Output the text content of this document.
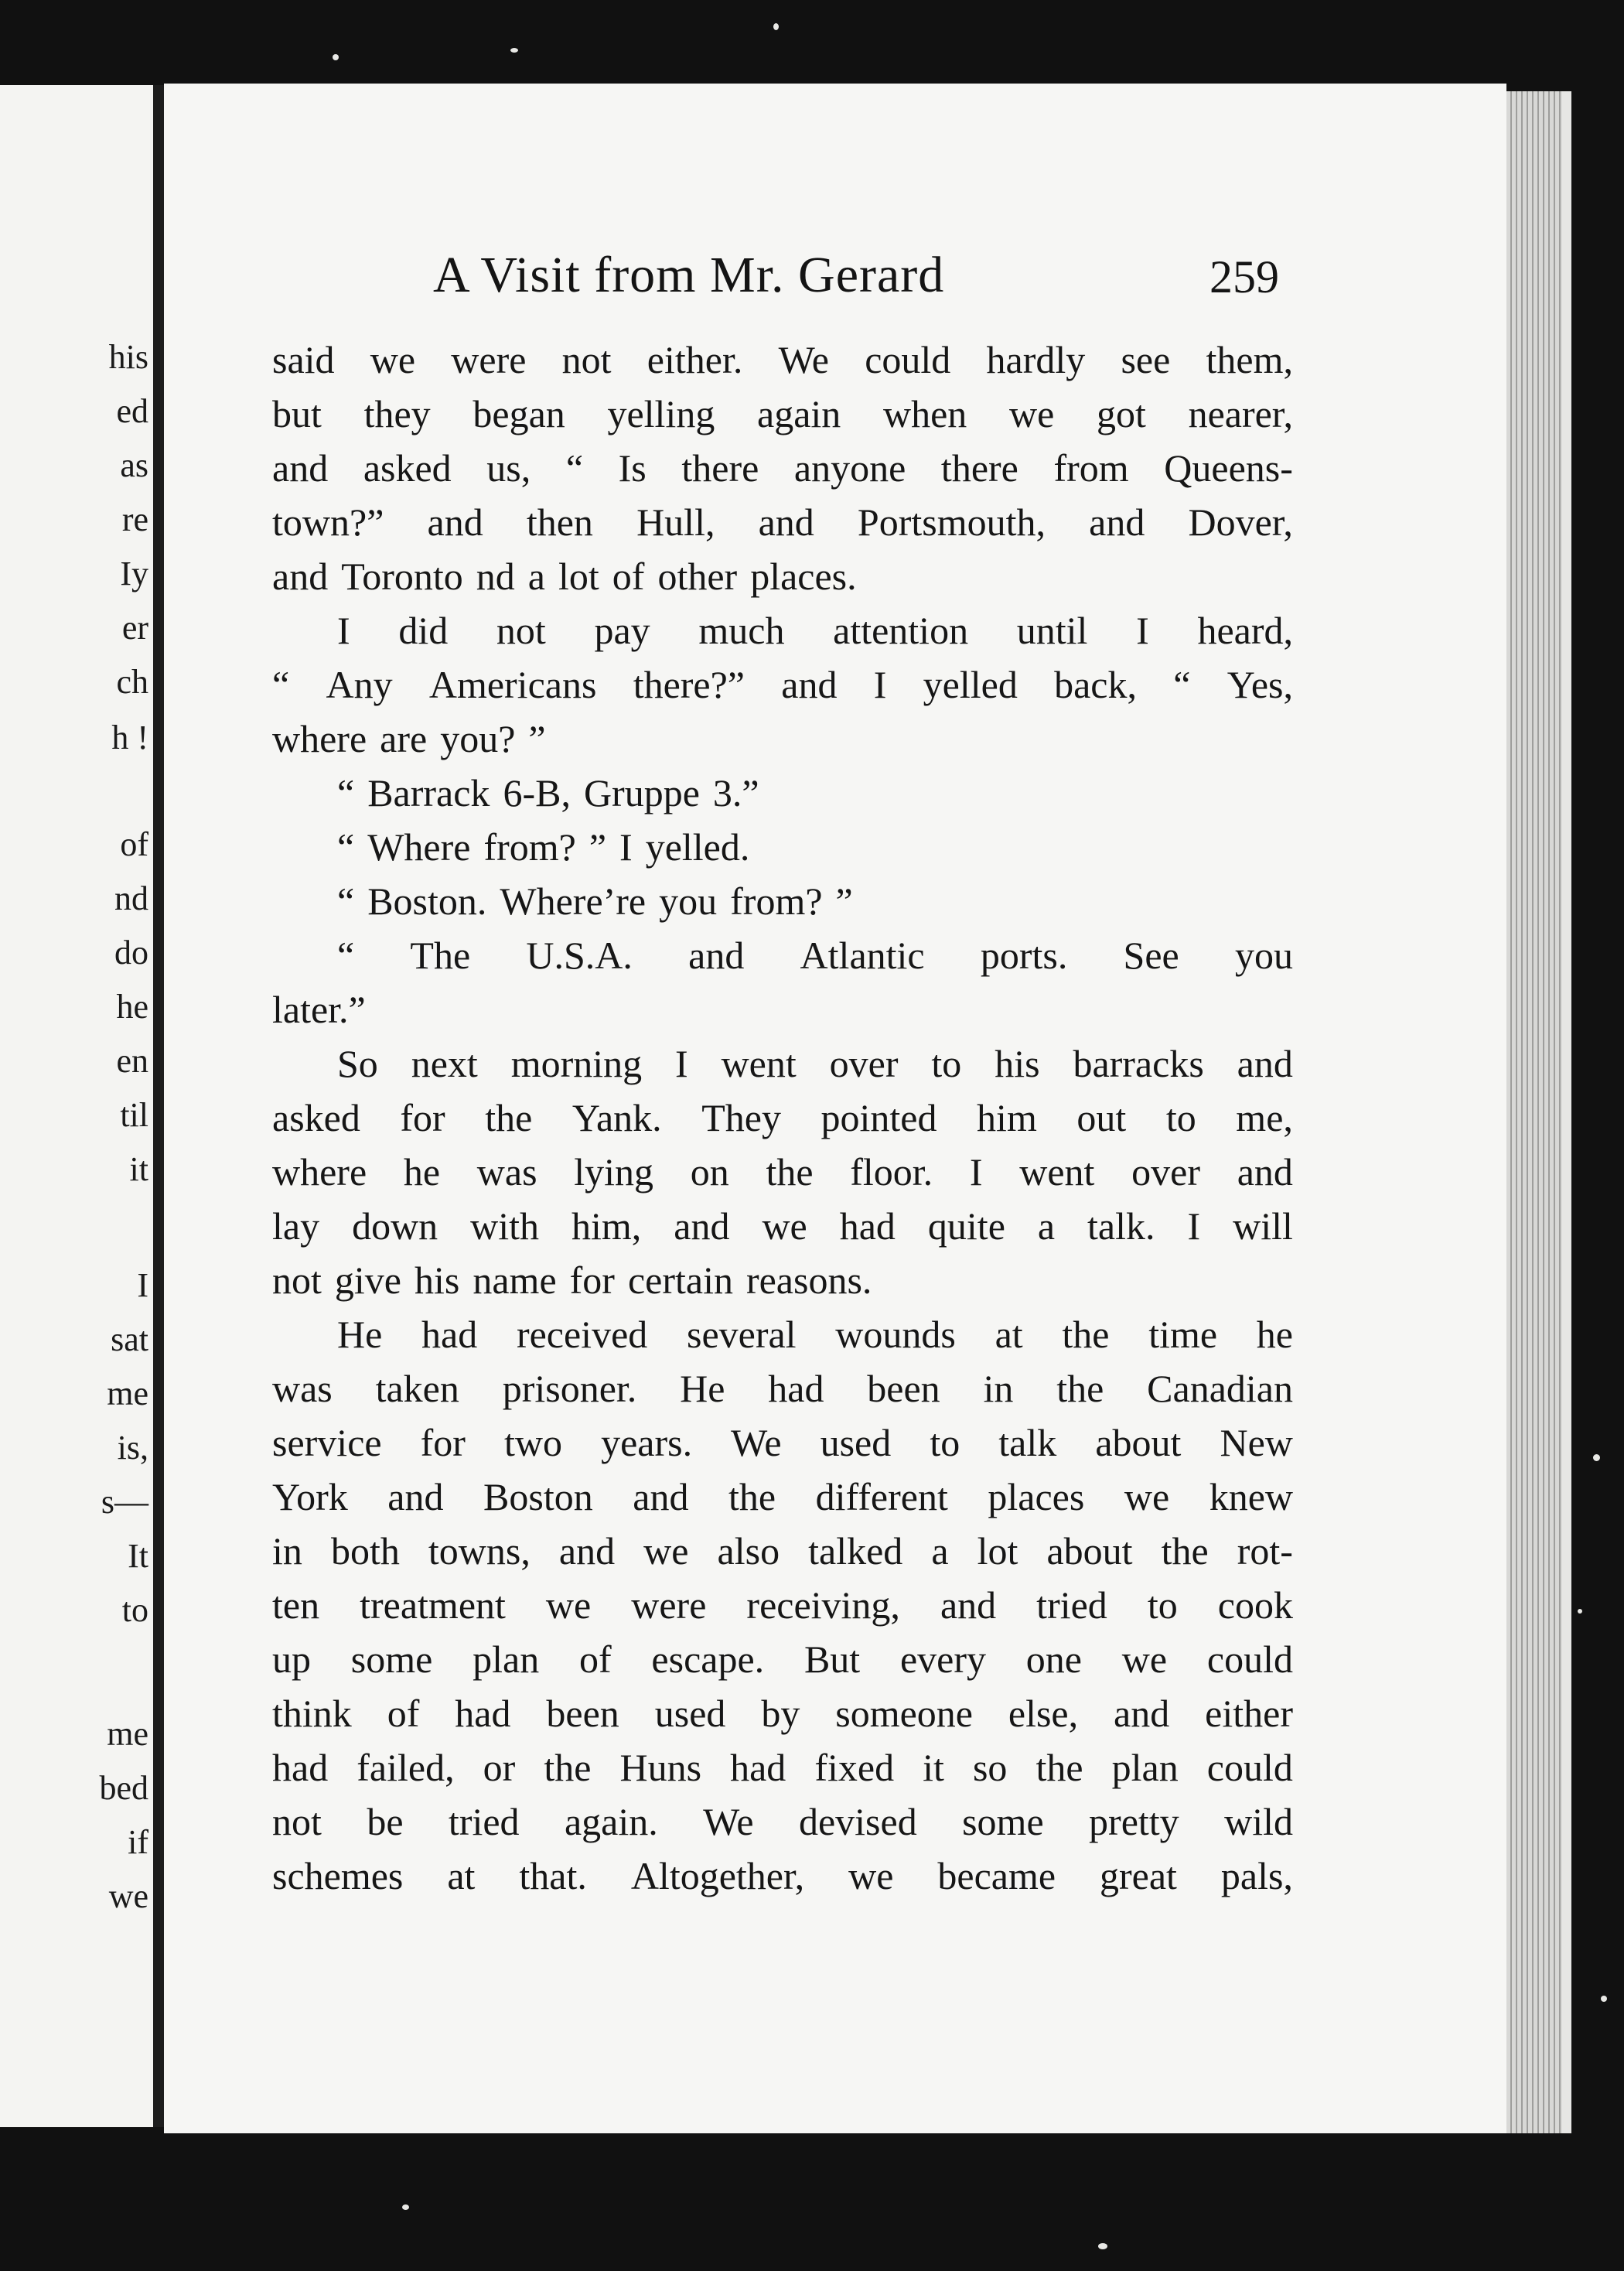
his
ed
as
re
Iy
er
ch
h !
of
nd
do
he
en
til
it
I
sat
me
is,
s—
It
to
me
bed
if
we
A Visit from Mr. Gerard	259
said we were not either. We could hardly see them,
but they began yelling again when we got nearer,
and asked us, “ Is there anyone there from Queens-
town?” and then Hull, and Portsmouth, and Dover,
and Toronto nd a lot of other places.
I did not pay much attention until I heard,
“ Any Americans there?” and I yelled back, “ Yes,
where are you? ”
“ Barrack 6-B, Gruppe 3.”
“ Where from? ” I yelled.
“ Boston. Where’re you from? ”
“ The U.S.A. and Atlantic ports. See you
later.”
So next morning I went over to his barracks and
asked for the Yank. They pointed him out to me,
where he was lying on the floor. I went over and
lay down with him, and we had quite a talk. I will
not give his name for certain reasons.
He had received several wounds at the time he
was taken prisoner. He had been in the Canadian
service for two years. We used to talk about New
York and Boston and the different places we knew
in both towns, and we also talked a lot about the rot-
ten treatment we were receiving, and tried to cook
up some plan of escape. But every one we could
think of had been used by someone else, and either
had failed, or the Huns had fixed it so the plan could
not be tried again. We devised some pretty wild
schemes at that. Altogether, we became great pals,
